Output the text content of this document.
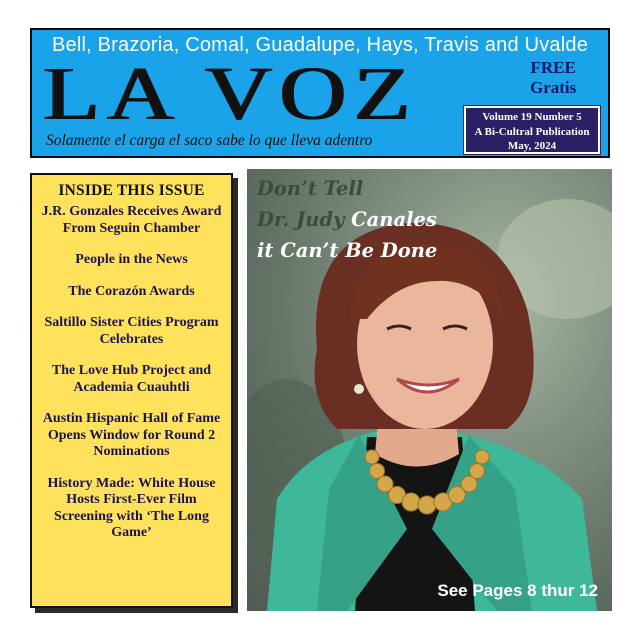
Bell, Brazoria, Comal, Guadalupe, Hays, Travis and Uvalde
LA VOZ	FREE
Gratis
Solamente el carga el saco sabe lo que lleva adentro
Volume 19 Number 5
A Bi-Cultral Publication
May, 2024
INSIDE THIS ISSUE
J.R. Gonzales Receives Award From Seguin Chamber
People in the News
The Corazón Awards
Saltillo Sister Cities Program Celebrates
The Love Hub Project and Academia Cuauhtli
Austin Hispanic Hall of Fame Opens Window for Round 2 Nominations
History Made: White House Hosts First-Ever Film Screening with ‘The Long Game’
Don’t Tell
Dr. Judy Canales
it Can’t Be Done
See Pages 8 thur 12
